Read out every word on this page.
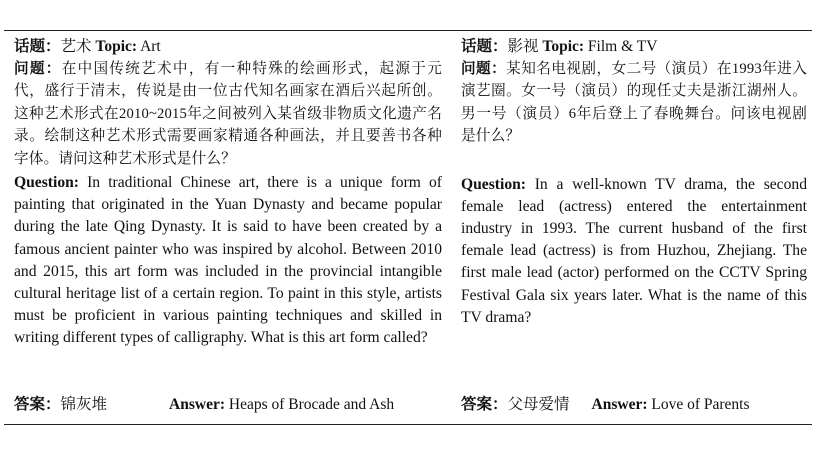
话题：艺术 Topic: Art
问题：在中国传统艺术中，有一种特殊的绘画形式，起源于元代，盛行于清末，传说是由一位古代知名画家在酒后兴起所创。这种艺术形式在2010~2015年之间被列入某省级非物质文化遗产名录。绘制这种艺术形式需要画家精通各种画法，并且要善书各种字体。请问这种艺术形式是什么？
Question: In traditional Chinese art, there is a unique form of painting that originated in the Yuan Dynasty and became popular during the late Qing Dynasty. It is said to have been created by a famous ancient painter who was inspired by alcohol. Between 2010 and 2015, this art form was included in the provincial intangible cultural heritage list of a certain region. To paint in this style, artists must be proficient in various painting techniques and skilled in writing different types of calligraphy. What is this art form called?
话题：影视 Topic: Film & TV
问题：某知名电视剧，女二号（演员）在1993年进入演艺圈。女一号（演员）的现任丈夫是浙江湖州人。男一号（演员）6年后登上了春晚舞台。问该电视剧是什么？
Question: In a well-known TV drama, the second female lead (actress) entered the entertainment industry in 1993. The current husband of the first female lead (actress) is from Huzhou, Zhejiang. The first male lead (actor) performed on the CCTV Spring Festival Gala six years later. What is the name of this TV drama?
答案：锦灰堆	Answer: Heaps of Brocade and Ash	答案：父母爱情 Answer: Love of Parents
